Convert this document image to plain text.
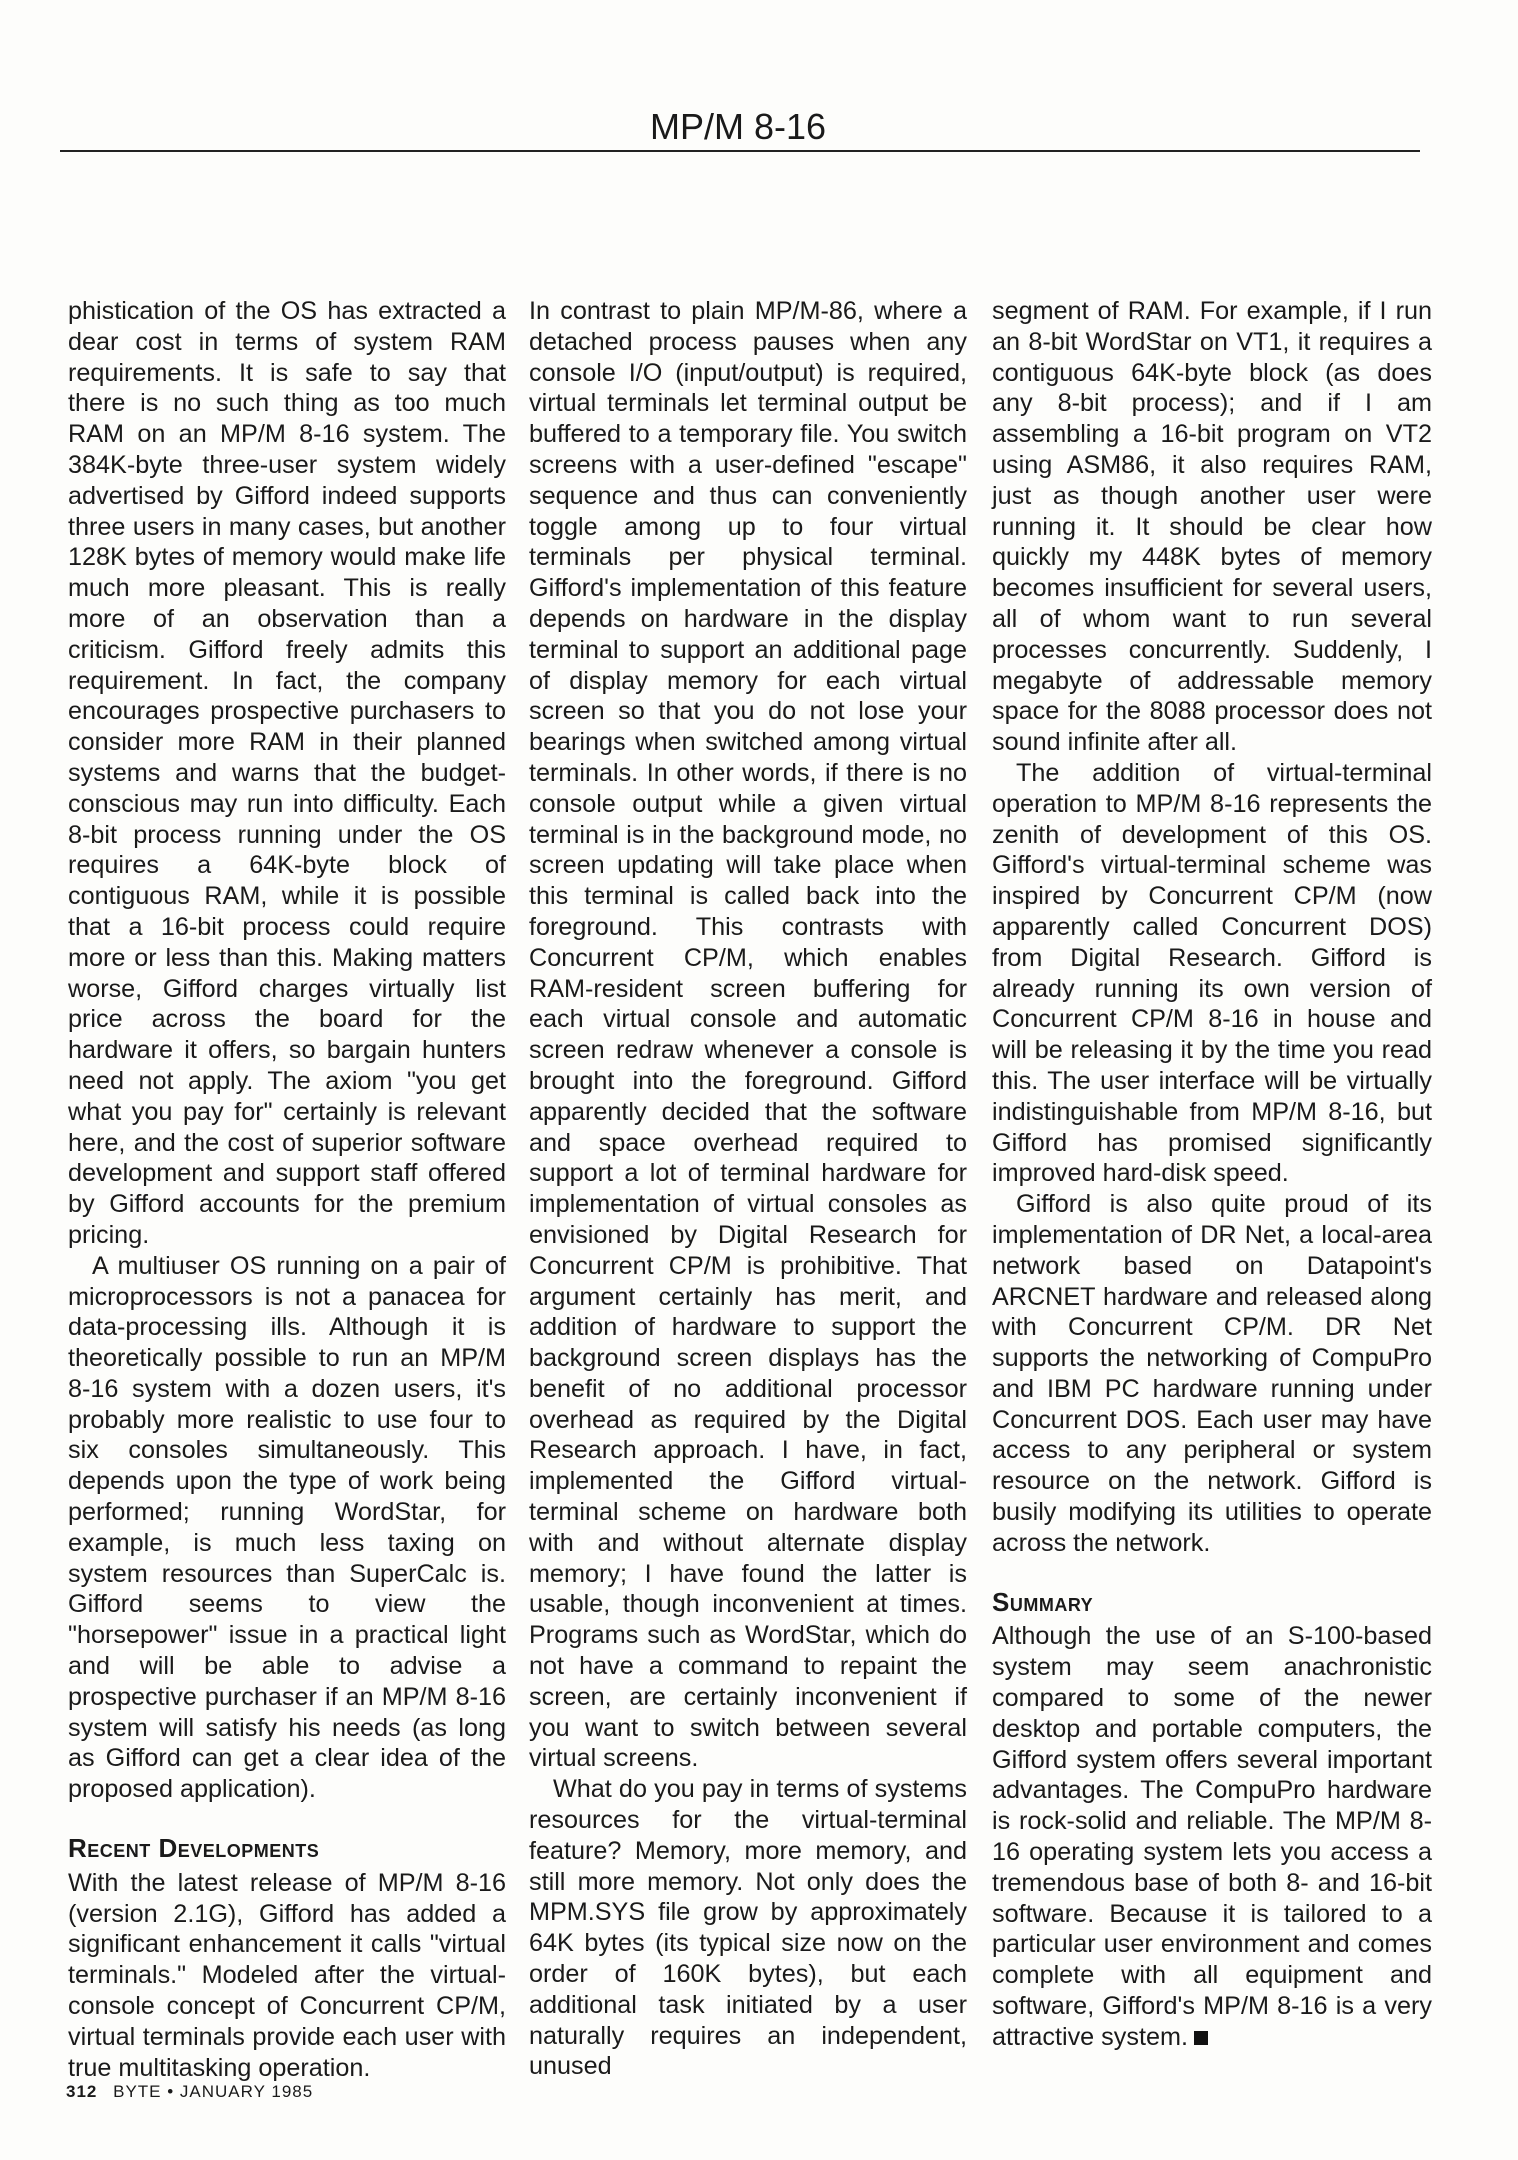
MP/M 8-16

phistication of the OS has extracted a dear cost in terms of system RAM requirements. It is safe to say that there is no such thing as too much RAM on an MP/M 8-16 system. The 384K-byte three-user system widely advertised by Gifford indeed supports three users in many cases, but another 128K bytes of memory would make life much more pleasant. This is really more of an observation than a criticism. Gifford freely admits this requirement. In fact, the company encourages prospective purchasers to consider more RAM in their planned systems and warns that the budget-conscious may run into difficulty. Each 8-bit process running under the OS requires a 64K-byte block of contiguous RAM, while it is possible that a 16-bit process could require more or less than this. Making matters worse, Gifford charges virtually list price across the board for the hardware it offers, so bargain hunters need not apply. The axiom "you get what you pay for" certainly is relevant here, and the cost of superior software development and support staff offered by Gifford accounts for the premium pricing.

A multiuser OS running on a pair of microprocessors is not a panacea for data-processing ills. Although it is theoretically possible to run an MP/M 8-16 system with a dozen users, it's probably more realistic to use four to six consoles simultaneously. This depends upon the type of work being performed; running WordStar, for example, is much less taxing on system resources than SuperCalc is. Gifford seems to view the "horsepower" issue in a practical light and will be able to advise a prospective purchaser if an MP/M 8-16 system will satisfy his needs (as long as Gifford can get a clear idea of the proposed application).

Recent Developments

With the latest release of MP/M 8-16 (version 2.1G), Gifford has added a significant enhancement it calls "virtual terminals." Modeled after the virtual-console concept of Concurrent CP/M, virtual terminals provide each user with true multitasking operation.

In contrast to plain MP/M-86, where a detached process pauses when any console I/O (input/output) is required, virtual terminals let terminal output be buffered to a temporary file. You switch screens with a user-defined "escape" sequence and thus can conveniently toggle among up to four virtual terminals per physical terminal. Gifford's implementation of this feature depends on hardware in the display terminal to support an additional page of display memory for each virtual screen so that you do not lose your bearings when switched among virtual terminals. In other words, if there is no console output while a given virtual terminal is in the background mode, no screen updating will take place when this terminal is called back into the foreground. This contrasts with Concurrent CP/M, which enables RAM-resident screen buffering for each virtual console and automatic screen redraw whenever a console is brought into the foreground. Gifford apparently decided that the software and space overhead required to support a lot of terminal hardware for implementation of virtual consoles as envisioned by Digital Research for Concurrent CP/M is prohibitive. That argument certainly has merit, and addition of hardware to support the background screen displays has the benefit of no additional processor overhead as required by the Digital Research approach. I have, in fact, implemented the Gifford virtual-terminal scheme on hardware both with and without alternate display memory; I have found the latter is usable, though inconvenient at times. Programs such as WordStar, which do not have a command to repaint the screen, are certainly inconvenient if you want to switch between several virtual screens.

What do you pay in terms of systems resources for the virtual-terminal feature? Memory, more memory, and still more memory. Not only does the MPM.SYS file grow by approximately 64K bytes (its typical size now on the order of 160K bytes), but each additional task initiated by a user naturally requires an independent, unused

segment of RAM. For example, if I run an 8-bit WordStar on VT1, it requires a contiguous 64K-byte block (as does any 8-bit process); and if I am assembling a 16-bit program on VT2 using ASM86, it also requires RAM, just as though another user were running it. It should be clear how quickly my 448K bytes of memory becomes insufficient for several users, all of whom want to run several processes concurrently. Suddenly, I megabyte of addressable memory space for the 8088 processor does not sound infinite after all.

The addition of virtual-terminal operation to MP/M 8-16 represents the zenith of development of this OS. Gifford's virtual-terminal scheme was inspired by Concurrent CP/M (now apparently called Concurrent DOS) from Digital Research. Gifford is already running its own version of Concurrent CP/M 8-16 in house and will be releasing it by the time you read this. The user interface will be virtually indistinguishable from MP/M 8-16, but Gifford has promised significantly improved hard-disk speed.

Gifford is also quite proud of its implementation of DR Net, a local-area network based on Datapoint's ARCNET hardware and released along with Concurrent CP/M. DR Net supports the networking of CompuPro and IBM PC hardware running under Concurrent DOS. Each user may have access to any peripheral or system resource on the network. Gifford is busily modifying its utilities to operate across the network.

Summary

Although the use of an S-100-based system may seem anachronistic compared to some of the newer desktop and portable computers, the Gifford system offers several important advantages. The CompuPro hardware is rock-solid and reliable. The MP/M 8-16 operating system lets you access a tremendous base of both 8- and 16-bit software. Because it is tailored to a particular user environment and comes complete with all equipment and software, Gifford's MP/M 8-16 is a very attractive system.

312 BYTE • JANUARY 1985
